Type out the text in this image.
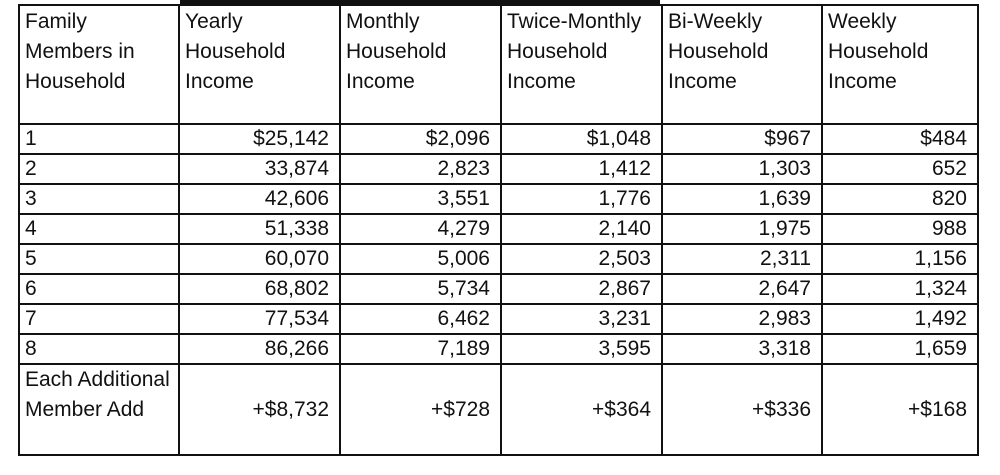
Family Members in Household	Yearly Household Income	Monthly Household Income	Twice-Monthly Household Income	Bi-Weekly Household Income	Weekly Household Income
1	$25,142	$2,096	$1,048	$967	$484
2	33,874	2,823	1,412	1,303	652
3	42,606	3,551	1,776	1,639	820
4	51,338	4,279	2,140	1,975	988
5	60,070	5,006	2,503	2,311	1,156
6	68,802	5,734	2,867	2,647	1,324
7	77,534	6,462	3,231	2,983	1,492
8	86,266	7,189	3,595	3,318	1,659
Each Additional Member Add	+$8,732	+$728	+$364	+$336	+$168
